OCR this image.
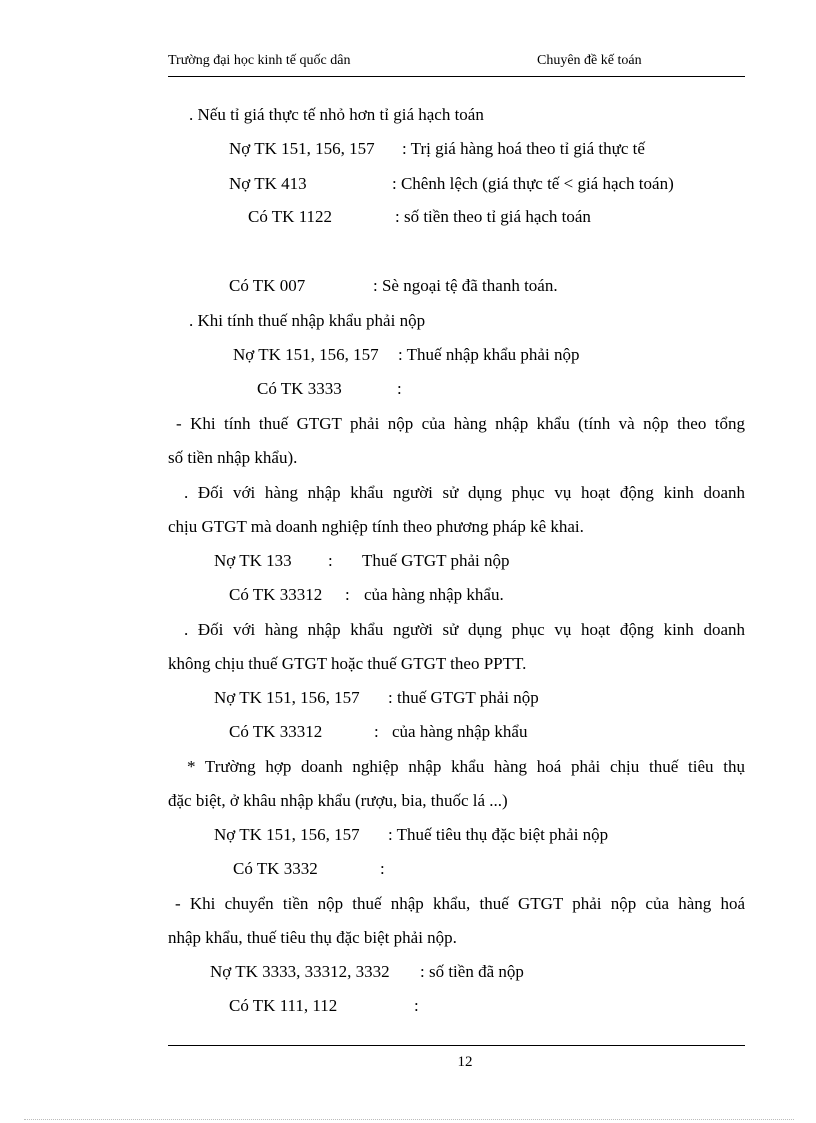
Trường đại học kinh tế quốc dân	Chuyên đề kế toán
. Nếu tỉ giá thực tế nhỏ hơn tỉ giá hạch toán
Nợ TK 151, 156, 157 : Trị giá hàng hoá theo tỉ giá thực tế
Nợ TK 413	: Chênh lệch (giá thực tế < giá hạch toán)
Có TK 1122	: số tiền theo tỉ giá hạch toán
Có TK 007	: Sè ngoại tệ đã thanh toán.
. Khi tính thuế nhập khẩu phải nộp
Nợ TK 151, 156, 157 : Thuế nhập khẩu phải nộp
Có TK 3333	:
- Khi tính thuế GTGT phải nộp của hàng nhập khẩu (tính và nộp theo tổng
số tiền nhập khẩu).
. Đối với hàng nhập khẩu người sử dụng phục vụ hoạt động kinh doanh
chịu GTGT mà doanh nghiệp tính theo phương pháp kê khai.
Nợ TK 133 : Thuế GTGT phải nộp
Có TK 33312 : của hàng nhập khẩu.
. Đối với hàng nhập khẩu người sử dụng phục vụ hoạt động kinh doanh
không chịu thuế GTGT hoặc thuế GTGT theo PPTT.
Nợ TK 151, 156, 157 : thuế GTGT phải nộp
Có TK 33312	: của hàng nhập khẩu
* Trường hợp doanh nghiệp nhập khẩu hàng hoá phải chịu thuế tiêu thụ
đặc biệt, ở khâu nhập khẩu (rượu, bia, thuốc lá ...)
Nợ TK 151, 156, 157 : Thuế tiêu thụ đặc biệt phải nộp
Có TK 3332	:
- Khi chuyển tiền nộp thuế nhập khẩu, thuế GTGT phải nộp của hàng hoá
nhập khẩu, thuế tiêu thụ đặc biệt phải nộp.
Nợ TK 3333, 33312, 3332 : số tiền đã nộp
Có TK 111, 112	:
12
